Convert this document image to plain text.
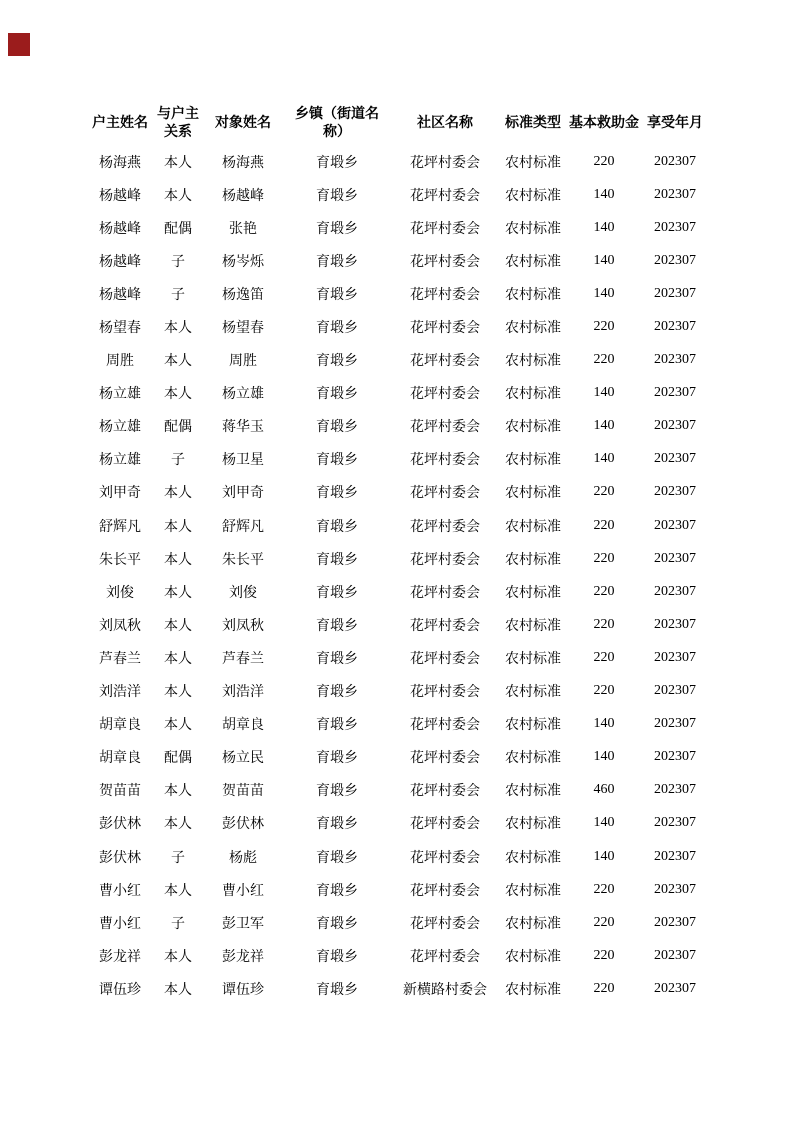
户主姓名	与户主关系	对象姓名	乡镇（街道名称）	社区名称	标准类型	基本救助金	享受年月
杨海燕	本人	杨海燕	育塅乡	花坪村委会	农村标准	220	202307
杨越峰	本人	杨越峰	育塅乡	花坪村委会	农村标准	140	202307
杨越峰	配偶	张艳	育塅乡	花坪村委会	农村标准	140	202307
杨越峰	子	杨岑烁	育塅乡	花坪村委会	农村标准	140	202307
杨越峰	子	杨逸笛	育塅乡	花坪村委会	农村标准	140	202307
杨望春	本人	杨望春	育塅乡	花坪村委会	农村标准	220	202307
周胜	本人	周胜	育塅乡	花坪村委会	农村标准	220	202307
杨立雄	本人	杨立雄	育塅乡	花坪村委会	农村标准	140	202307
杨立雄	配偶	蒋华玉	育塅乡	花坪村委会	农村标准	140	202307
杨立雄	子	杨卫星	育塅乡	花坪村委会	农村标准	140	202307
刘甲奇	本人	刘甲奇	育塅乡	花坪村委会	农村标准	220	202307
舒辉凡	本人	舒辉凡	育塅乡	花坪村委会	农村标准	220	202307
朱长平	本人	朱长平	育塅乡	花坪村委会	农村标准	220	202307
刘俊	本人	刘俊	育塅乡	花坪村委会	农村标准	220	202307
刘凤秋	本人	刘凤秋	育塅乡	花坪村委会	农村标准	220	202307
芦春兰	本人	芦春兰	育塅乡	花坪村委会	农村标准	220	202307
刘浩洋	本人	刘浩洋	育塅乡	花坪村委会	农村标准	220	202307
胡章良	本人	胡章良	育塅乡	花坪村委会	农村标准	140	202307
胡章良	配偶	杨立民	育塅乡	花坪村委会	农村标准	140	202307
贺苗苗	本人	贺苗苗	育塅乡	花坪村委会	农村标准	460	202307
彭伏林	本人	彭伏林	育塅乡	花坪村委会	农村标准	140	202307
彭伏林	子	杨彪	育塅乡	花坪村委会	农村标准	140	202307
曹小红	本人	曹小红	育塅乡	花坪村委会	农村标准	220	202307
曹小红	子	彭卫军	育塅乡	花坪村委会	农村标准	220	202307
彭龙祥	本人	彭龙祥	育塅乡	花坪村委会	农村标准	220	202307
谭伍珍	本人	谭伍珍	育塅乡	新横路村委会	农村标准	220	202307
